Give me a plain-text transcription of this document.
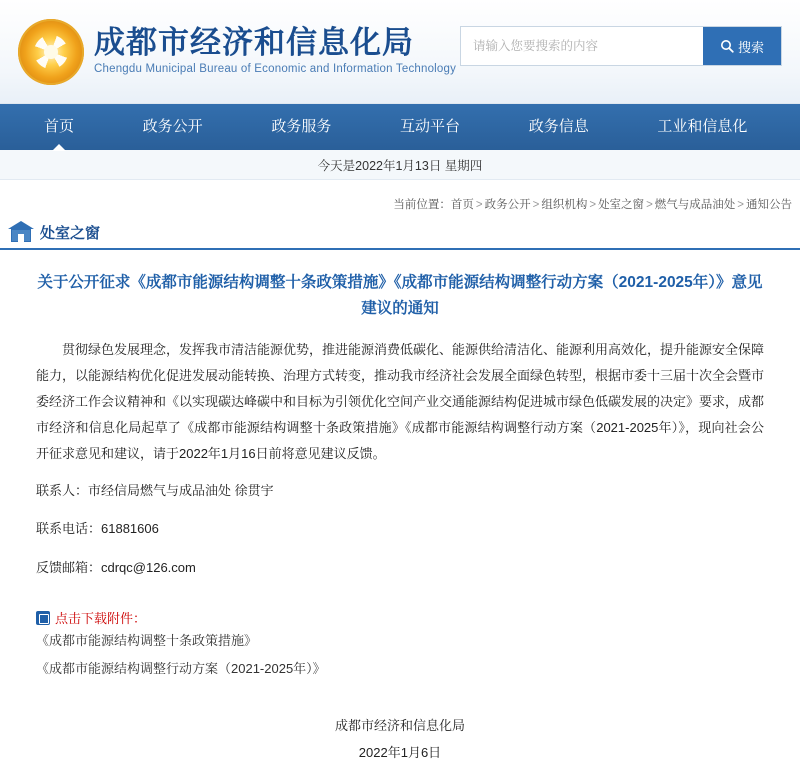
成都市经济和信息化局
Chengdu Municipal Bureau of Economic and Information Technology
请输入您要搜索的内容
搜索
首页	政务公开	政务服务	互动平台	政务信息	工业和信息化
今天是2022年1月13日 星期四
当前位置：首页 > 政务公开 > 组织机构 > 处室之窗 > 燃气与成品油处 > 通知公告
处室之窗
关于公开征求《成都市能源结构调整十条政策措施》《成都市能源结构调整行动方案（2021-2025年）》意见建议的通知

贯彻绿色发展理念，发挥我市清洁能源优势，推进能源消费低碳化、能源供给清洁化、能源利用高效化，提升能源安全保障能力，以能源结构优化促进发展动能转换、治理方式转变，推动我市经济社会发展全面绿色转型，根据市委十三届十次全会暨市委经济工作会议精神和《以实现碳达峰碳中和目标为引领优化空间产业交通能源结构促进城市绿色低碳发展的决定》要求，成都市经济和信息化局起草了《成都市能源结构调整十条政策措施》《成都市能源结构调整行动方案（2021-2025年）》，现向社会公开征求意见和建议，请于2022年1月16日前将意见建议反馈。

联系人：市经信局燃气与成品油处 徐贯宇
联系电话：61881606
反馈邮箱：cdrqc@126.com
点击下载附件：
《成都市能源结构调整十条政策措施》
《成都市能源结构调整行动方案（2021-2025年）》
成都市经济和信息化局
2022年1月6日
